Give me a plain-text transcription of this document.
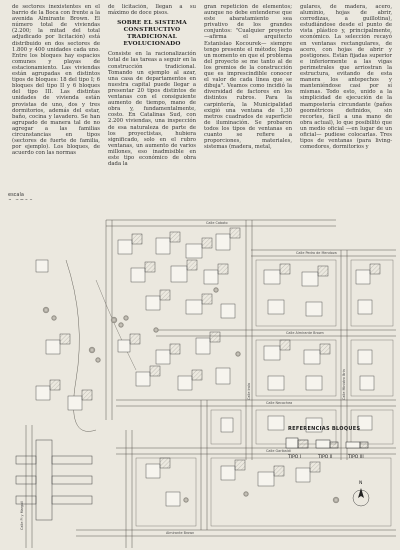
de sectores inexistentes en el barrio de la Boca con frente a la avenida Almirante Brown. El número total de viviendas (2.200; la mitad del total adjudicado por licitación) está distribuido en dos sectores de 1.800 y 400 unidades cada uno. Entre los bloques hay espacios comunes y playas de estacionamiento. Las viviendas están agrupadas en distintos tipos de bloques: 18 del tipo I; 6 bloques del tipo II y 6 bloques del tipo III. Las distintas unidades de vivienda están provistas de uno, dos y tres dormitorios, además del estar, baño, cocina y lavadero. Se han agrupado de manera tal de no agregar a las familias circunstancias en tipos (sectores de fuerte de familia, por ejemplo). Los bloques, de acuerdo con las normas

de licitación, llegan a su máximo de doce pisos.

SOBRE EL SISTEMA CONSTRUCTIVO TRADICIONAL EVOLUCIONADO

Consiste en la racionalización total de las tareas a seguir en la construcción tradicional. Tomando un ejemplo al azar, una casa de departamentos en nuestra capital puede llegar a presentar 20 tipos distintos de ventanas con el consiguiente aumento de tiempo, mano de obra y, fundamentalmente, costo. En Catalinas Sud, con 2.200 viviendas, una inspección de esa naturaleza de parte de los proyectistas, hubiera significado, solo en el rubro ventanas, un aumento de varios millones, eso inadmisible en este tipo económico de obra dada la

gran repetición de elementos; aunque no debe entenderse que este abaratamiento sea privativo de los grandes conjuntos: "Cualquier proyecto —afirma el arquitecto Estanislao Kocourek— siempre tengo presente el método; llega un momento en que el problema del proyecto se me tanto al de los gremios de la construcción que es imprescindible conocer el valor de cada línea que se dibuja". Veamos como incidió la diversidad de factores en los distintos rubros. Para la carpintería, la Municipalidad exigió una ventana de 1,30 metros cuadrados de superficie de iluminación. Se probaron todos los tipos de ventanas en cuanto se refiere a proporciones, materiales, sistemas (madera, metal,

gulares, de madera, acero, aluminio, hojas de abrir, corredizas, a guillotina), estudiándose desde el punto de vista plástico y, principalmente, económico. La selección recayó en ventanas rectangulares, de acero, con hojas de abrir y postigones. Están fijadas superior e inferiormente a las vigas perimetrales que arriostran la estructura, evitando de esta manera los antepechos y manteniéndose casi por sí mismas. Todo esto, unido a la simplicidad de ejecución de la mampostería circundante (paños geométricos definidos, sin recortes, fácil a una mano de obra actual), lo que posibilitó que un medio oficial —en lugar de un oficial— pudiese colocarlas. Tres tipos de ventanas (para living-comedores, dormitorios y

escala
Calle Caboto
Calle Pedro de Mendoza
Calle Almirante Brown
Calle Necochea
Calle Garibaldi
Almirante Brown
Calle Pi y Margall
Calle Irala	Calle Ministro Brin
REFERENCIAS BLOQUES
TIPO I	TIPO II	TIPO III
N
